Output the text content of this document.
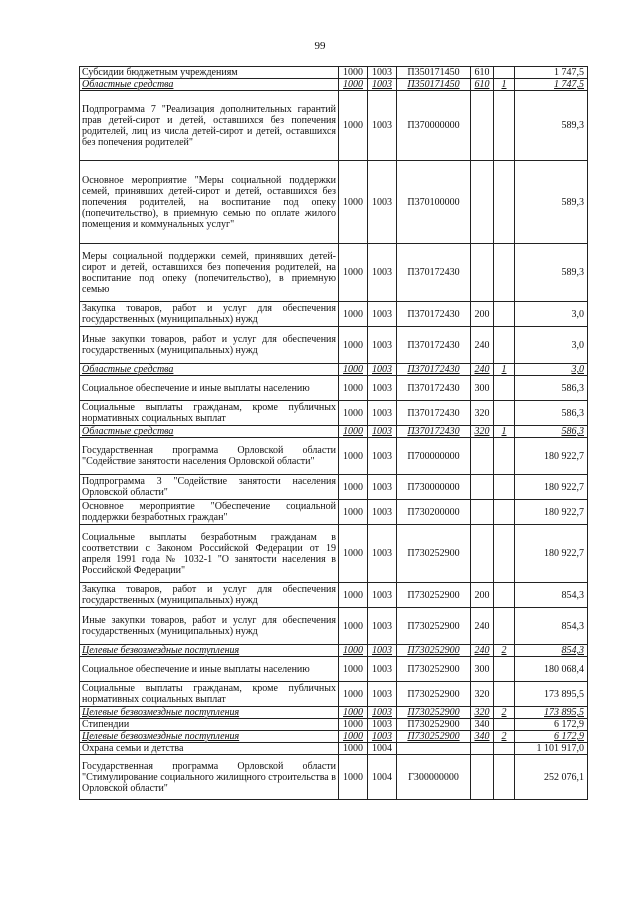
99
Субсидии бюджетным учреждениям	1000	1003	П350171450	610		1 747,5
Областные средства	1000	1003	П350171450	610	1	1 747,5
Подпрограмма 7 "Реализация дополнительных гарантий прав детей-сирот и детей, оставшихся без попечения родителей, лиц из числа детей-сирот и детей, оставшихся без попечения родителей"	1000	1003	П370000000			589,3
Основное мероприятие "Меры социальной поддержки семей, принявших детей-сирот и детей, оставшихся без попечения родителей, на воспитание под опеку (попечительство), в приемную семью по оплате жилого помещения и коммунальных услуг"	1000	1003	П370100000			589,3
Меры социальной поддержки семей, принявших детей-сирот и детей, оставшихся без попечения родителей, на воспитание под опеку (попечительство), в приемную семью	1000	1003	П370172430			589,3
Закупка товаров, работ и услуг для обеспечения государственных (муниципальных) нужд	1000	1003	П370172430	200		3,0
Иные закупки товаров, работ и услуг для обеспечения государственных (муниципальных) нужд	1000	1003	П370172430	240		3,0
Областные средства	1000	1003	П370172430	240	1	3,0
Социальное обеспечение и иные выплаты населению	1000	1003	П370172430	300		586,3
Социальные выплаты гражданам, кроме публичных нормативных социальных выплат	1000	1003	П370172430	320		586,3
Областные средства	1000	1003	П370172430	320	1	586,3
Государственная программа Орловской области "Содействие занятости населения Орловской области"	1000	1003	П700000000			180 922,7
Подпрограмма 3 "Содействие занятости населения Орловской области"	1000	1003	П730000000			180 922,7
Основное мероприятие "Обеспечение социальной поддержки безработных граждан"	1000	1003	П730200000			180 922,7
Социальные выплаты безработным гражданам в соответствии с Законом Российской Федерации от 19 апреля 1991 года № 1032-1 "О занятости населения в Российской Федерации"	1000	1003	П730252900			180 922,7
Закупка товаров, работ и услуг для обеспечения государственных (муниципальных) нужд	1000	1003	П730252900	200		854,3
Иные закупки товаров, работ и услуг для обеспечения государственных (муниципальных) нужд	1000	1003	П730252900	240		854,3
Целевые безвозмездные поступления	1000	1003	П730252900	240	2	854,3
Социальное обеспечение и иные выплаты населению	1000	1003	П730252900	300		180 068,4
Социальные выплаты гражданам, кроме публичных нормативных социальных выплат	1000	1003	П730252900	320		173 895,5
Целевые безвозмездные поступления	1000	1003	П730252900	320	2	173 895,5
Стипендии	1000	1003	П730252900	340		6 172,9
Целевые безвозмездные поступления	1000	1003	П730252900	340	2	6 172,9
Охрана семьи и детства	1000	1004				1 101 917,0
Государственная программа Орловской области "Стимулирование социального жилищного строительства в Орловской области"	1000	1004	Г300000000			252 076,1
